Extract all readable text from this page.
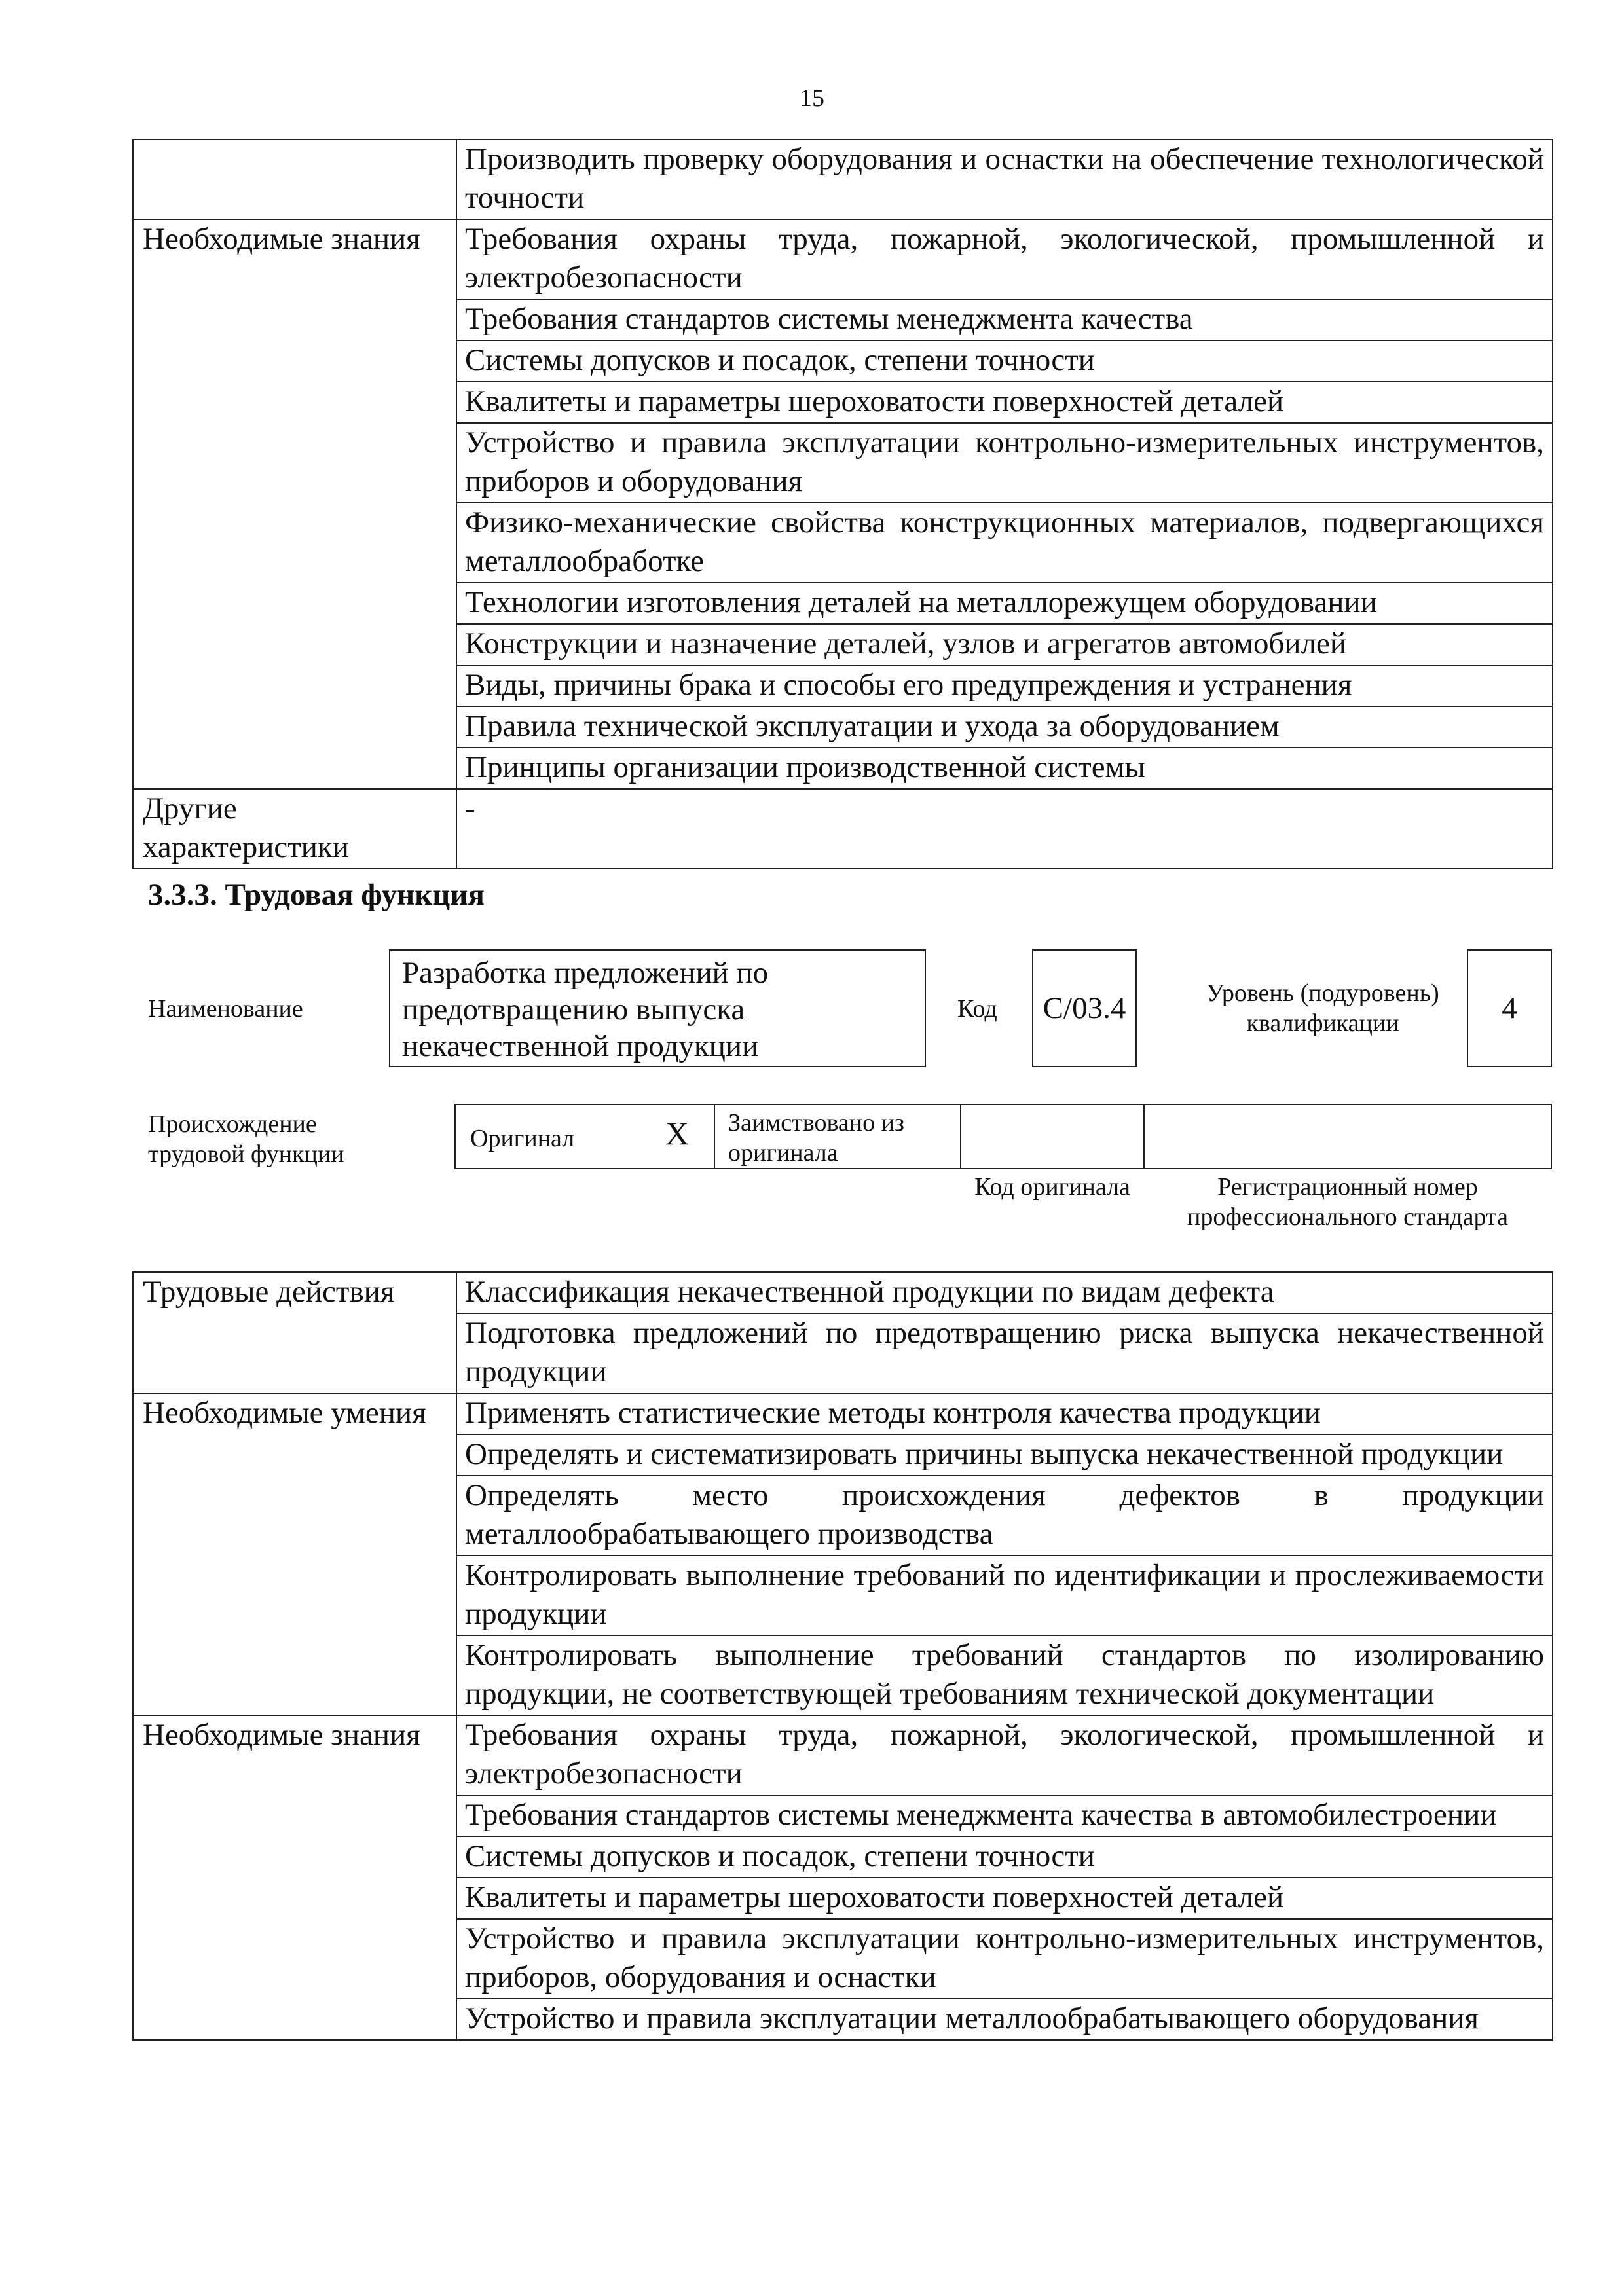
15
	Производить проверку оборудования и оснастки на обеспечение технологической точности
Необходимые знания	Требования охраны труда, пожарной, экологической, промышленной и электробезопасности
	Требования стандартов системы менеджмента качества
	Системы допусков и посадок, степени точности
	Квалитеты и параметры шероховатости поверхностей деталей
	Устройство и правила эксплуатации контрольно-измерительных инструментов, приборов и оборудования
	Физико-механические свойства конструкционных материалов, подвергающихся металлообработке
	Технологии изготовления деталей на металлорежущем оборудовании
	Конструкции и назначение деталей, узлов и агрегатов автомобилей
	Виды, причины брака и способы его предупреждения и устранения
	Правила технической эксплуатации и ухода за оборудованием
	Принципы организации производственной системы
Другие характеристики	-
3.3.3. Трудовая функция
Наименование
Разработка предложений по предотвращению выпуска некачественной продукции
Код	C/03.4	Уровень (подуровень) квалификации	4
Происхождение трудовой функции
Оригинал	X Заимствовано из оригинала
Код оригинала	Регистрационный номер профессионального стандарта
Трудовые действия	Классификация некачественной продукции по видам дефекта
	Подготовка предложений по предотвращению риска выпуска некачественной продукции
Необходимые умения	Применять статистические методы контроля качества продукции
	Определять и систематизировать причины выпуска некачественной продукции
	Определять место происхождения дефектов в продукции металлообрабатывающего производства
	Контролировать выполнение требований по идентификации и прослеживаемости продукции
	Контролировать выполнение требований стандартов по изолированию продукции, не соответствующей требованиям технической документации
Необходимые знания	Требования охраны труда, пожарной, экологической, промышленной и электробезопасности
	Требования стандартов системы менеджмента качества в автомобилестроении
	Системы допусков и посадок, степени точности
	Квалитеты и параметры шероховатости поверхностей деталей
	Устройство и правила эксплуатации контрольно-измерительных инструментов, приборов, оборудования и оснастки
	Устройство и правила эксплуатации металлообрабатывающего оборудования
